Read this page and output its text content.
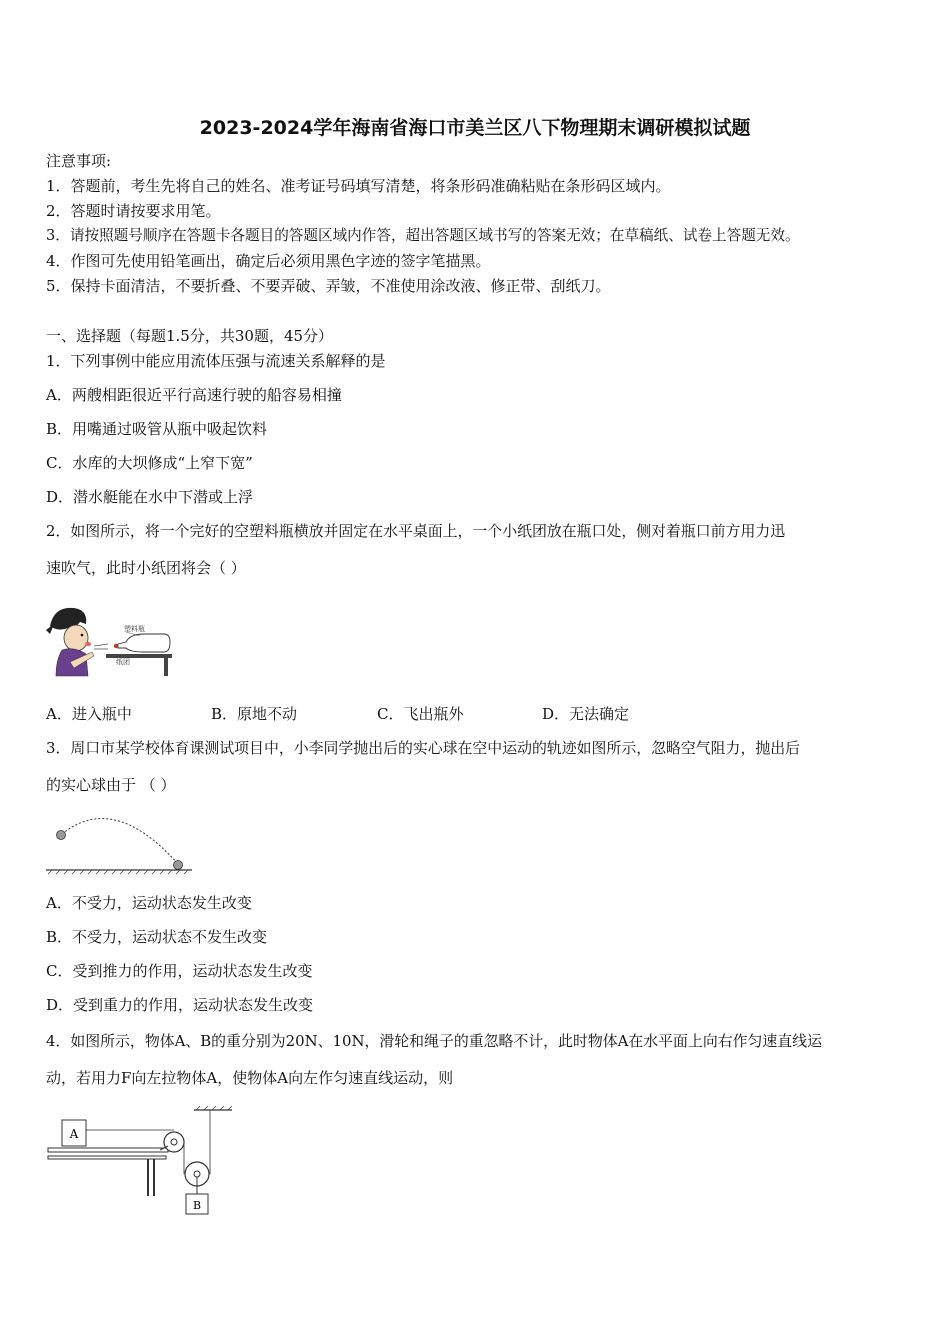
2023-2024学年海南省海口市美兰区八下物理期末调研模拟试题
注意事项:
1．答题前，考生先将自己的姓名、准考证号码填写清楚，将条形码准确粘贴在条形码区域内。
2．答题时请按要求用笔。
3．请按照题号顺序在答题卡各题目的答题区域内作答，超出答题区域书写的答案无效；在草稿纸、试卷上答题无效。
4．作图可先使用铅笔画出，确定后必须用黑色字迹的签字笔描黑。
5．保持卡面清洁，不要折叠、不要弄破、弄皱，不准使用涂改液、修正带、刮纸刀。
一、选择题（每题1.5分，共30题，45分）
1．下列事例中能应用流体压强与流速关系解释的是
A．两艘相距很近平行高速行驶的船容易相撞
B．用嘴通过吸管从瓶中吸起饮料
C．水库的大坝修成“上窄下宽”
D．潜水艇能在水中下潜或上浮
2．如图所示，将一个完好的空塑料瓶横放并固定在水平桌面上，一个小纸团放在瓶口处，侧对着瓶口前方用力迅
速吹气，此时小纸团将会（ ）
塑料瓶
纸团
A．进入瓶中	B．原地不动	C．飞出瓶外	D．无法确定
3．周口市某学校体育课测试项目中，小李同学抛出后的实心球在空中运动的轨迹如图所示，忽略空气阻力，抛出后
的实心球由于 （ ）
A．不受力，运动状态发生改变
B．不受力，运动状态不发生改变
C．受到推力的作用，运动状态发生改变
D．受到重力的作用，运动状态发生改变
4．如图所示，物体A、B的重分别为20N、10N，滑轮和绳子的重忽略不计，此时物体A在水平面上向右作匀速直线运
动，若用力F向左拉物体A，使物体A向左作匀速直线运动，则
A
B
